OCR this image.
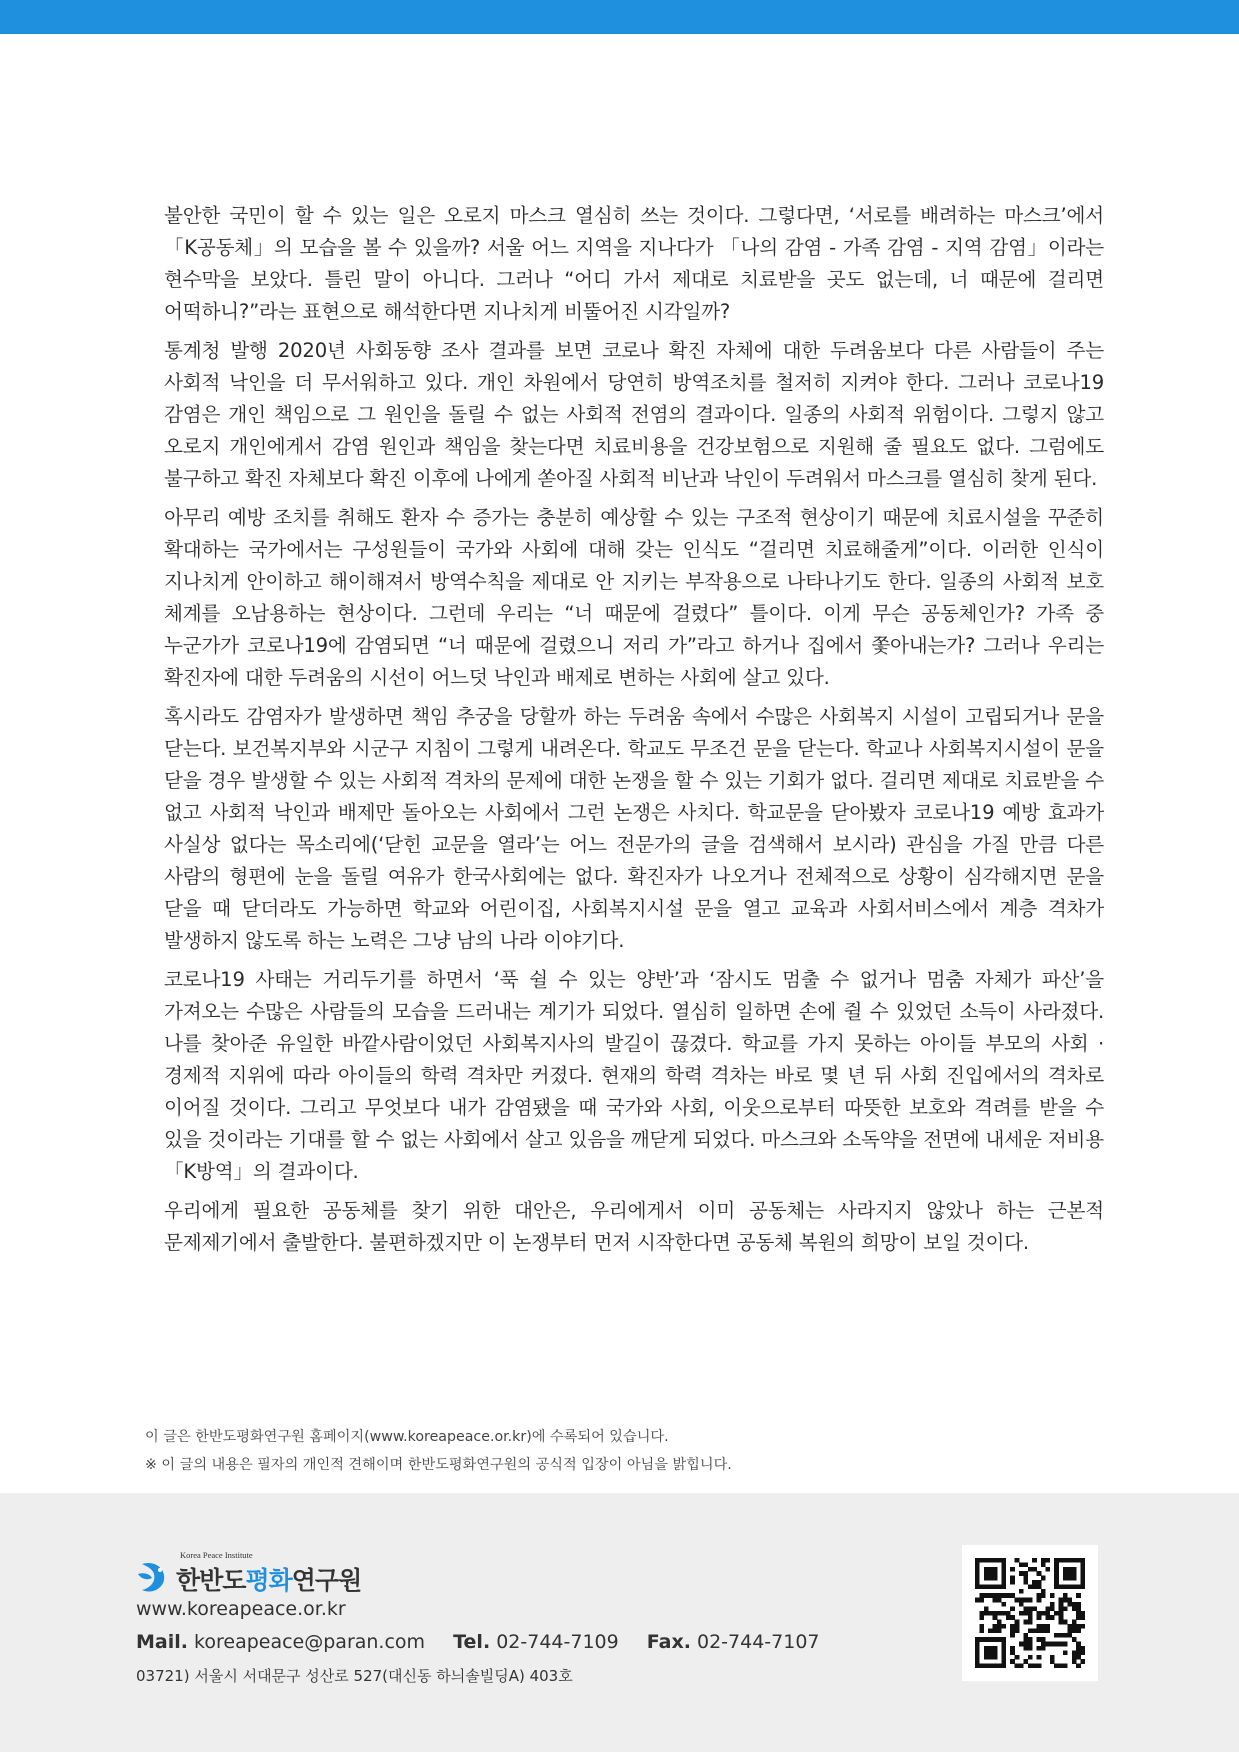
불안한 국민이 할 수 있는 일은 오로지 마스크 열심히 쓰는 것이다. 그렇다면, ‘서로를 배려하는 마스크’에서 「K공동체」의 모습을 볼 수 있을까? 서울 어느 지역을 지나다가 「나의 감염 - 가족 감염 - 지역 감염」이라는 현수막을 보았다. 틀린 말이 아니다. 그러나 “어디 가서 제대로 치료받을 곳도 없는데, 너 때문에 걸리면 어떡하니?”라는 표현으로 해석한다면 지나치게 비뚤어진 시각일까?

통계청 발행 2020년 사회동향 조사 결과를 보면 코로나 확진 자체에 대한 두려움보다 다른 사람들이 주는 사회적 낙인을 더 무서워하고 있다. 개인 차원에서 당연히 방역조치를 철저히 지켜야 한다. 그러나 코로나19 감염은 개인 책임으로 그 원인을 돌릴 수 없는 사회적 전염의 결과이다. 일종의 사회적 위험이다. 그렇지 않고 오로지 개인에게서 감염 원인과 책임을 찾는다면 치료비용을 건강보험으로 지원해 줄 필요도 없다. 그럼에도 불구하고 확진 자체보다 확진 이후에 나에게 쏟아질 사회적 비난과 낙인이 두려워서 마스크를 열심히 찾게 된다.

아무리 예방 조치를 취해도 환자 수 증가는 충분히 예상할 수 있는 구조적 현상이기 때문에 치료시설을 꾸준히 확대하는 국가에서는 구성원들이 국가와 사회에 대해 갖는 인식도 “걸리면 치료해줄게”이다. 이러한 인식이 지나치게 안이하고 해이해져서 방역수칙을 제대로 안 지키는 부작용으로 나타나기도 한다. 일종의 사회적 보호 체계를 오남용하는 현상이다. 그런데 우리는 “너 때문에 걸렸다” 틀이다. 이게 무슨 공동체인가? 가족 중 누군가가 코로나19에 감염되면 “너 때문에 걸렸으니 저리 가”라고 하거나 집에서 쫓아내는가? 그러나 우리는 확진자에 대한 두려움의 시선이 어느덧 낙인과 배제로 변하는 사회에 살고 있다.

혹시라도 감염자가 발생하면 책임 추궁을 당할까 하는 두려움 속에서 수많은 사회복지 시설이 고립되거나 문을 닫는다. 보건복지부와 시군구 지침이 그렇게 내려온다. 학교도 무조건 문을 닫는다. 학교나 사회복지시설이 문을 닫을 경우 발생할 수 있는 사회적 격차의 문제에 대한 논쟁을 할 수 있는 기회가 없다. 걸리면 제대로 치료받을 수 없고 사회적 낙인과 배제만 돌아오는 사회에서 그런 논쟁은 사치다. 학교문을 닫아봤자 코로나19 예방 효과가 사실상 없다는 목소리에(‘닫힌 교문을 열라’는 어느 전문가의 글을 검색해서 보시라) 관심을 가질 만큼 다른 사람의 형편에 눈을 돌릴 여유가 한국사회에는 없다. 확진자가 나오거나 전체적으로 상황이 심각해지면 문을 닫을 때 닫더라도 가능하면 학교와 어린이집, 사회복지시설 문을 열고 교육과 사회서비스에서 계층 격차가 발생하지 않도록 하는 노력은 그냥 남의 나라 이야기다.

코로나19 사태는 거리두기를 하면서 ‘푹 쉴 수 있는 양반’과 ‘잠시도 멈출 수 없거나 멈춤 자체가 파산’을 가져오는 수많은 사람들의 모습을 드러내는 계기가 되었다. 열심히 일하면 손에 쥘 수 있었던 소득이 사라졌다. 나를 찾아준 유일한 바깥사람이었던 사회복지사의 발길이 끊겼다. 학교를 가지 못하는 아이들 부모의 사회 · 경제적 지위에 따라 아이들의 학력 격차만 커졌다. 현재의 학력 격차는 바로 몇 년 뒤 사회 진입에서의 격차로 이어질 것이다. 그리고 무엇보다 내가 감염됐을 때 국가와 사회, 이웃으로부터 따뜻한 보호와 격려를 받을 수 있을 것이라는 기대를 할 수 없는 사회에서 살고 있음을 깨닫게 되었다. 마스크와 소독약을 전면에 내세운 저비용 「K방역」의 결과이다.

우리에게 필요한 공동체를 찾기 위한 대안은, 우리에게서 이미 공동체는 사라지지 않았나 하는 근본적 문제제기에서 출발한다. 불편하겠지만 이 논쟁부터 먼저 시작한다면 공동체 복원의 희망이 보일 것이다.

이 글은 한반도평화연구원 홈페이지(www.koreapeace.or.kr)에 수록되어 있습니다.
※ 이 글의 내용은 필자의 개인적 견해이며 한반도평화연구원의 공식적 입장이 아님을 밝힙니다.
Korea Peace Institute
한반도평화연구원
www.koreapeace.or.kr
Mail. koreapeace@paran.com Tel. 02-744-7109 Fax. 02-744-7107
03721) 서울시 서대문구 성산로 527(대신동 하늬솔빌딩A) 403호
